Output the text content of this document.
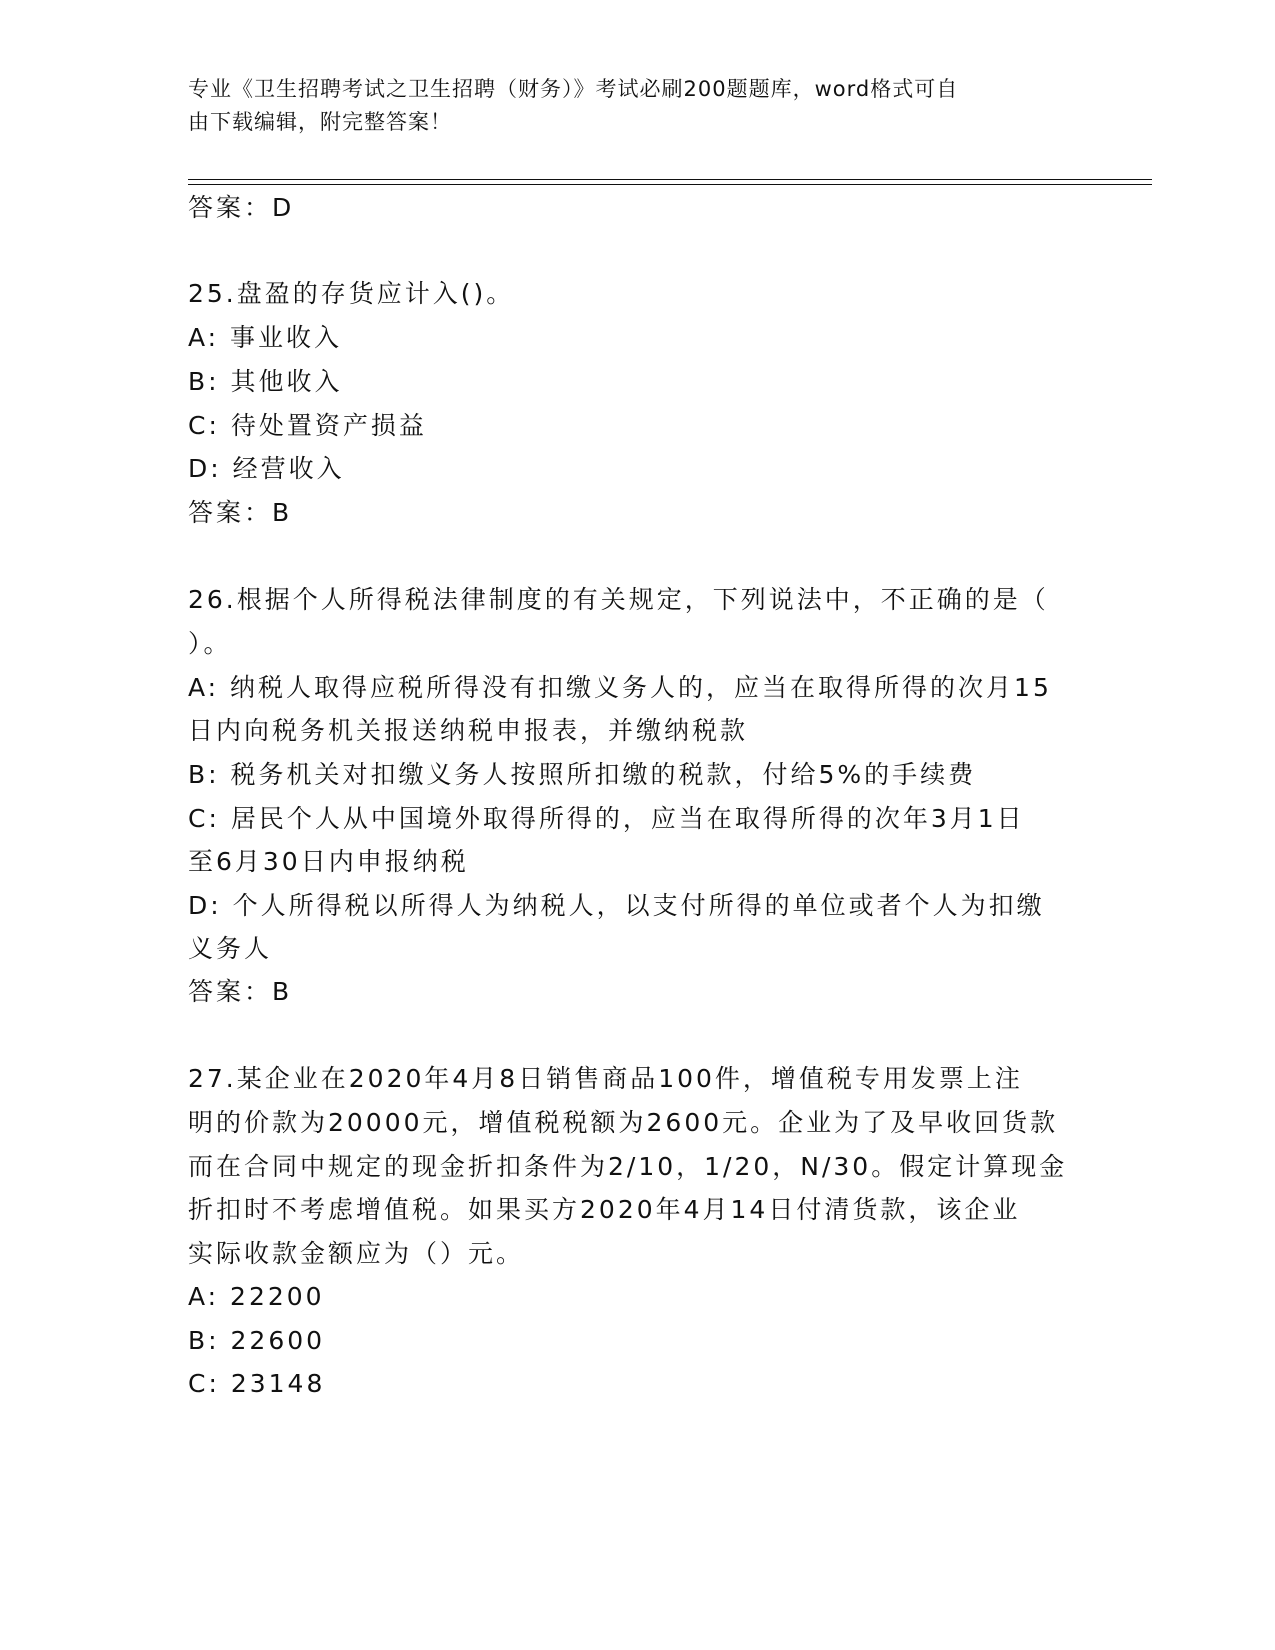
专业《卫生招聘考试之卫生招聘（财务）》考试必刷200题题库，word格式可自
由下载编辑，附完整答案！
答案：D
25.盘盈的存货应计入()。
A: 事业收入
B: 其他收入
C: 待处置资产损益
D: 经营收入
答案：B
26.根据个人所得税法律制度的有关规定，下列说法中，不正确的是（
）。
A: 纳税人取得应税所得没有扣缴义务人的，应当在取得所得的次月15
日内向税务机关报送纳税申报表，并缴纳税款
B: 税务机关对扣缴义务人按照所扣缴的税款，付给5%的手续费
C: 居民个人从中国境外取得所得的，应当在取得所得的次年3月1日
至6月30日内申报纳税
D: 个人所得税以所得人为纳税人，以支付所得的单位或者个人为扣缴
义务人
答案：B
27.某企业在2020年4月8日销售商品100件，增值税专用发票上注
明的价款为20000元，增值税税额为2600元。企业为了及早收回货款
而在合同中规定的现金折扣条件为2/10，1/20，N/30。假定计算现金
折扣时不考虑增值税。如果买方2020年4月14日付清货款，该企业
实际收款金额应为（）元。
A: 22200
B: 22600
C: 23148
